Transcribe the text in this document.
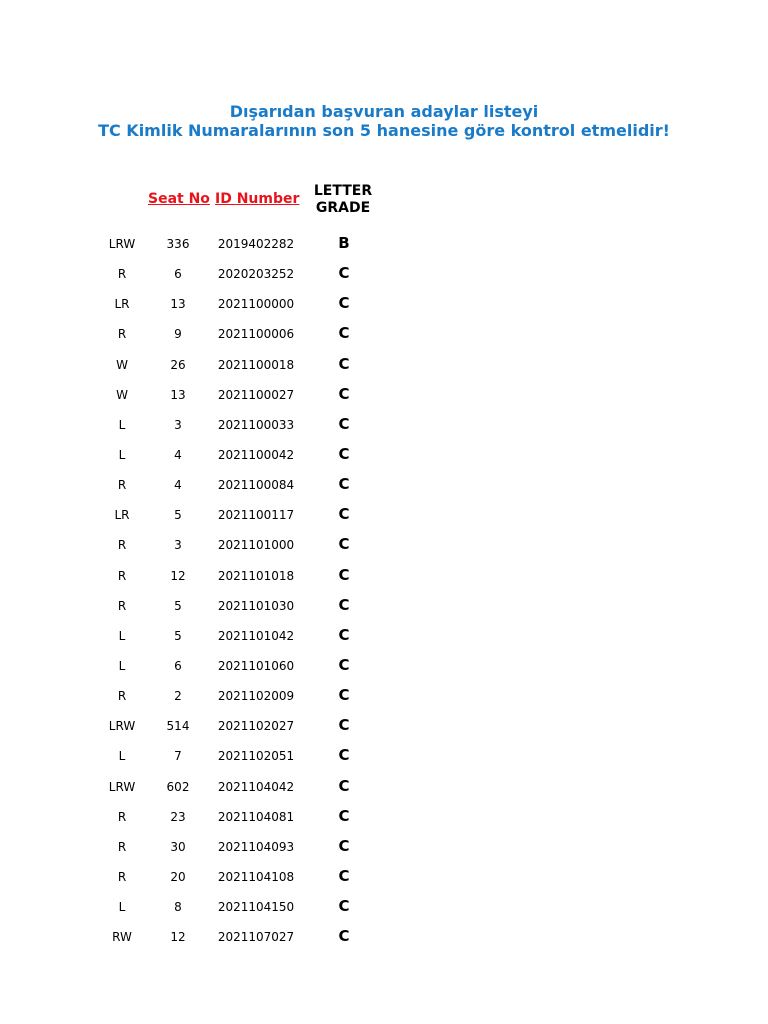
Dışarıdan başvuran adaylar listeyi
TC Kimlik Numaralarının son 5 hanesine göre kontrol etmelidir!
Seat No ID Number LETTER
GRADE
LRW	336	2019402282	B
R	6	2020203252	C
LR	13	2021100000	C
R	9	2021100006	C
W	26	2021100018	C
W	13	2021100027	C
L	3	2021100033	C
L	4	2021100042	C
R	4	2021100084	C
LR	5	2021100117	C
R	3	2021101000	C
R	12	2021101018	C
R	5	2021101030	C
L	5	2021101042	C
L	6	2021101060	C
R	2	2021102009	C
LRW	514	2021102027	C
L	7	2021102051	C
LRW	602	2021104042	C
R	23	2021104081	C
R	30	2021104093	C
R	20	2021104108	C
L	8	2021104150	C
RW	12	2021107027	C
